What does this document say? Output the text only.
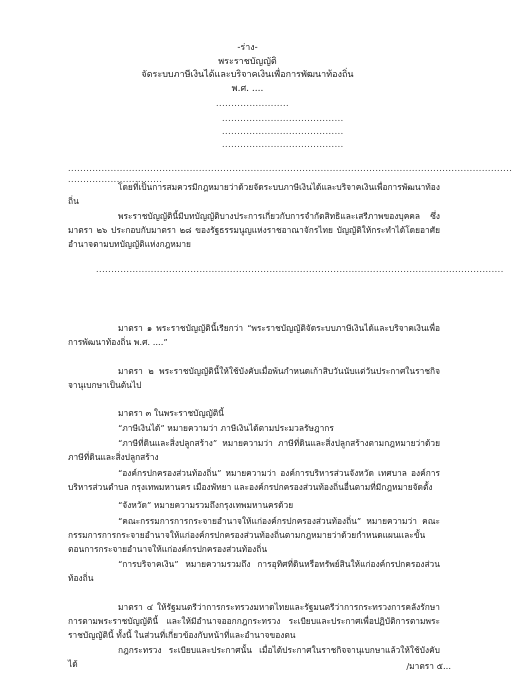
-ร่าง-
พระราชบัญญัติ
จัดระบบภาษีเงินได้และบริจาคเงินเพื่อการพัฒนาท้องถิ่น
พ.ศ. ....
........................
........................................
........................................
........................................
..................................................................................................................................................
...............................
โดยที่เป็นการสมควรมีกฎหมายว่าด้วยจัดระบบภาษีเงินได้และบริจาคเงินเพื่อการพัฒนาท้องถิ่น
พระราชบัญญัตินี้มีบทบัญญัติบางประการเกี่ยวกับการจำกัดสิทธิและเสรีภาพของบุคคล ซึ่งมาตรา ๒๖ ประกอบกับมาตรา ๒๘ ของรัฐธรรมนูญแห่งราชอาณาจักรไทย บัญญัติให้กระทำได้โดยอาศัยอำนาจตามบทบัญญัติแห่งกฎหมาย
......................................................................................................................................
มาตรา ๑ พระราชบัญญัตินี้เรียกว่า “พระราชบัญญัติจัดระบบภาษีเงินได้และบริจาคเงินเพื่อการพัฒนาท้องถิ่น พ.ศ. ....”
มาตรา ๒ พระราชบัญญัตินี้ให้ใช้บังคับเมื่อพ้นกำหนดเก้าสิบวันนับแต่วันประกาศในราชกิจจานุเบกษาเป็นต้นไป
มาตรา ๓ ในพระราชบัญญัตินี้
“ภาษีเงินได้” หมายความว่า ภาษีเงินได้ตามประมวลรัษฎากร
“ภาษีที่ดินและสิ่งปลูกสร้าง” หมายความว่า ภาษีที่ดินและสิ่งปลูกสร้างตามกฎหมายว่าด้วยภาษีที่ดินและสิ่งปลูกสร้าง
“องค์กรปกครองส่วนท้องถิ่น” หมายความว่า องค์การบริหารส่วนจังหวัด เทศบาล องค์การบริหารส่วนตำบล กรุงเทพมหานคร เมืองพัทยา และองค์กรปกครองส่วนท้องถิ่นอื่นตามที่มีกฎหมายจัดตั้ง
“จังหวัด” หมายความรวมถึงกรุงเทพมหานครด้วย
“คณะกรรมการการกระจายอำนาจให้แก่องค์กรปกครองส่วนท้องถิ่น” หมายความว่า คณะกรรมการการกระจายอำนาจให้แก่องค์กรปกครองส่วนท้องถิ่นตามกฎหมายว่าด้วยกำหนดแผนและขั้นตอนการกระจายอำนาจให้แก่องค์กรปกครองส่วนท้องถิ่น
“การบริจาคเงิน” หมายความรวมถึง การอุทิศที่ดินหรือทรัพย์สินให้แก่องค์กรปกครองส่วนท้องถิ่น
มาตรา ๔ ให้รัฐมนตรีว่าการกระทรวงมหาดไทยและรัฐมนตรีว่าการกระทรวงการคลังรักษาการตามพระราชบัญญัตินี้ และให้มีอำนาจออกกฎกระทรวง ระเบียบและประกาศเพื่อปฏิบัติการตามพระราชบัญญัตินี้ ทั้งนี้ ในส่วนที่เกี่ยวข้องกับหน้าที่และอำนาจของตน
กฎกระทรวง ระเบียบและประกาศนั้น เมื่อได้ประกาศในราชกิจจานุเบกษาแล้วให้ใช้บังคับได้	/มาตรา ๕...
